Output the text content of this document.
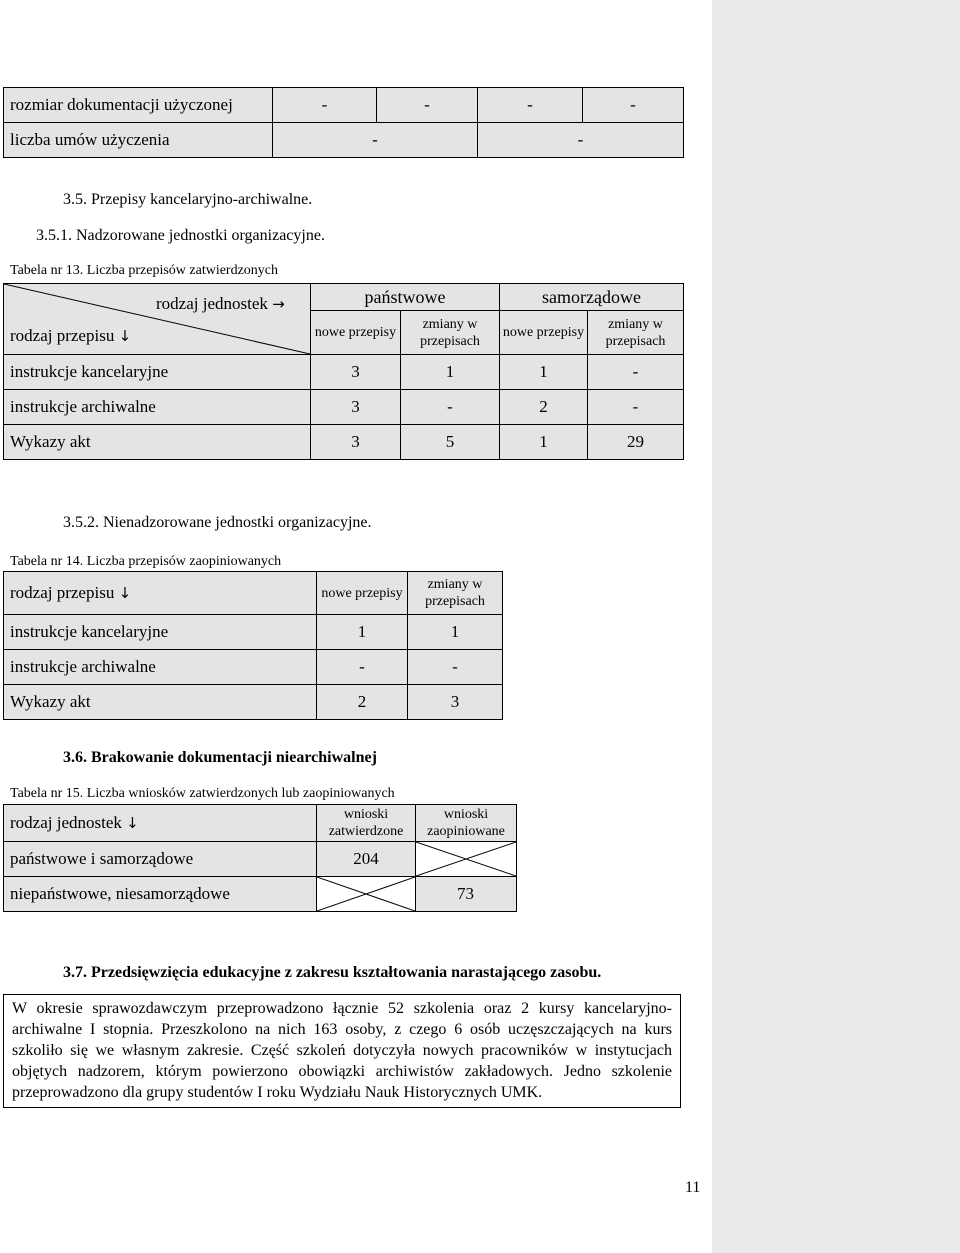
rozmiar dokumentacji użyczonej	-	-	-	-
liczba umów użyczenia	-		-	
3.5. Przepisy kancelaryjno-archiwalne.
3.5.1. Nadzorowane jednostki organizacyjne.
Tabela nr 13. Liczba przepisów zatwierdzonych
rodzaj jednostek →
rodzaj przepisu ↓	państwowe		samorządowe	
	nowe przepisy	zmiany w przepisach	nowe przepisy	zmiany w przepisach
instrukcje kancelaryjne	3	1	1	-
instrukcje archiwalne	3	-	2	-
Wykazy akt	3	5	1	29
3.5.2. Nienadzorowane jednostki organizacyjne.
Tabela nr 14. Liczba przepisów zaopiniowanych
rodzaj przepisu ↓	nowe przepisy	zmiany w przepisach
instrukcje kancelaryjne	1	1
instrukcje archiwalne	-	-
Wykazy akt	2	3
3.6. Brakowanie dokumentacji niearchiwalnej
Tabela nr 15. Liczba wniosków zatwierdzonych lub zaopiniowanych
rodzaj jednostek ↓	wnioski zatwierdzone	wnioski zaopiniowane
państwowe i samorządowe	204	

niepaństwowe, niesamorządowe		73
3.7. Przedsięwzięcia edukacyjne z zakresu kształtowania narastającego zasobu.
W okresie sprawozdawczym przeprowadzono łącznie 52 szkolenia oraz 2 kursy kancelaryjno-archiwalne I stopnia. Przeszkolono na nich 163 osoby, z czego 6 osób uczęszczających na kurs szkoliło się we własnym zakresie. Część szkoleń dotyczyła nowych pracowników w instytucjach objętych nadzorem, którym powierzono obowiązki archiwistów zakładowych. Jedno szkolenie przeprowadzono dla grupy studentów I roku Wydziału Nauk Historycznych UMK.
11
